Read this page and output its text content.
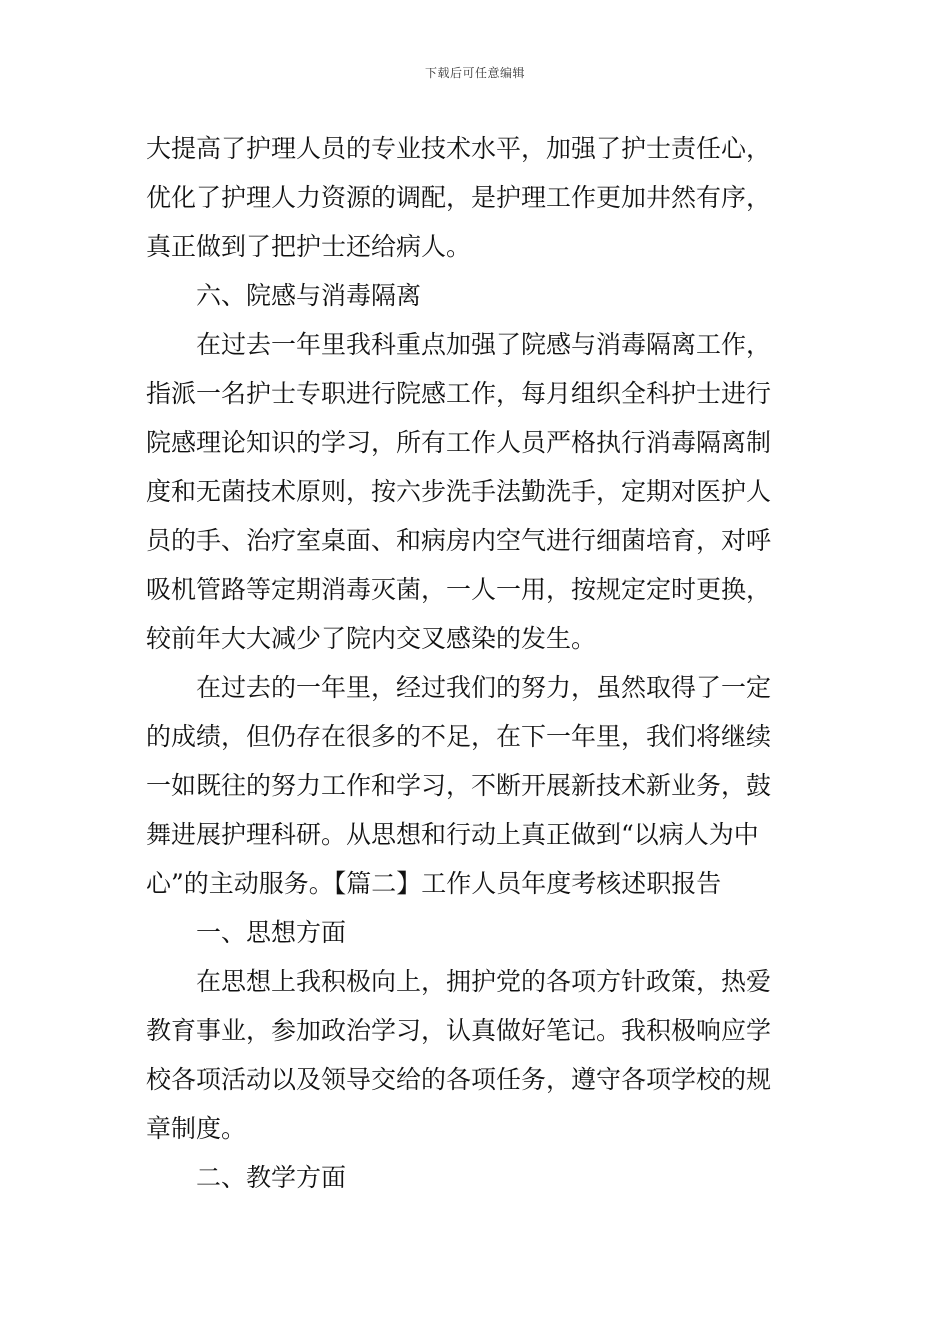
下载后可任意编辑
大提高了护理人员的专业技术水平，加强了护士责任心，
优化了护理人力资源的调配，是护理工作更加井然有序，
真正做到了把护士还给病人。
六、院感与消毒隔离
在过去一年里我科重点加强了院感与消毒隔离工作，
指派一名护士专职进行院感工作，每月组织全科护士进行
院感理论知识的学习，所有工作人员严格执行消毒隔离制
度和无菌技术原则，按六步洗手法勤洗手，定期对医护人
员的手、治疗室桌面、和病房内空气进行细菌培育，对呼
吸机管路等定期消毒灭菌，一人一用，按规定定时更换，
较前年大大减少了院内交叉感染的发生。
在过去的一年里，经过我们的努力，虽然取得了一定
的成绩，但仍存在很多的不足，在下一年里，我们将继续
一如既往的努力工作和学习，不断开展新技术新业务，鼓
舞进展护理科研。从思想和行动上真正做到“以病人为中
心”的主动服务。【篇二】工作人员年度考核述职报告
一、思想方面
在思想上我积极向上，拥护党的各项方针政策，热爱
教育事业，参加政治学习，认真做好笔记。我积极响应学
校各项活动以及领导交给的各项任务，遵守各项学校的规
章制度。
二、教学方面
